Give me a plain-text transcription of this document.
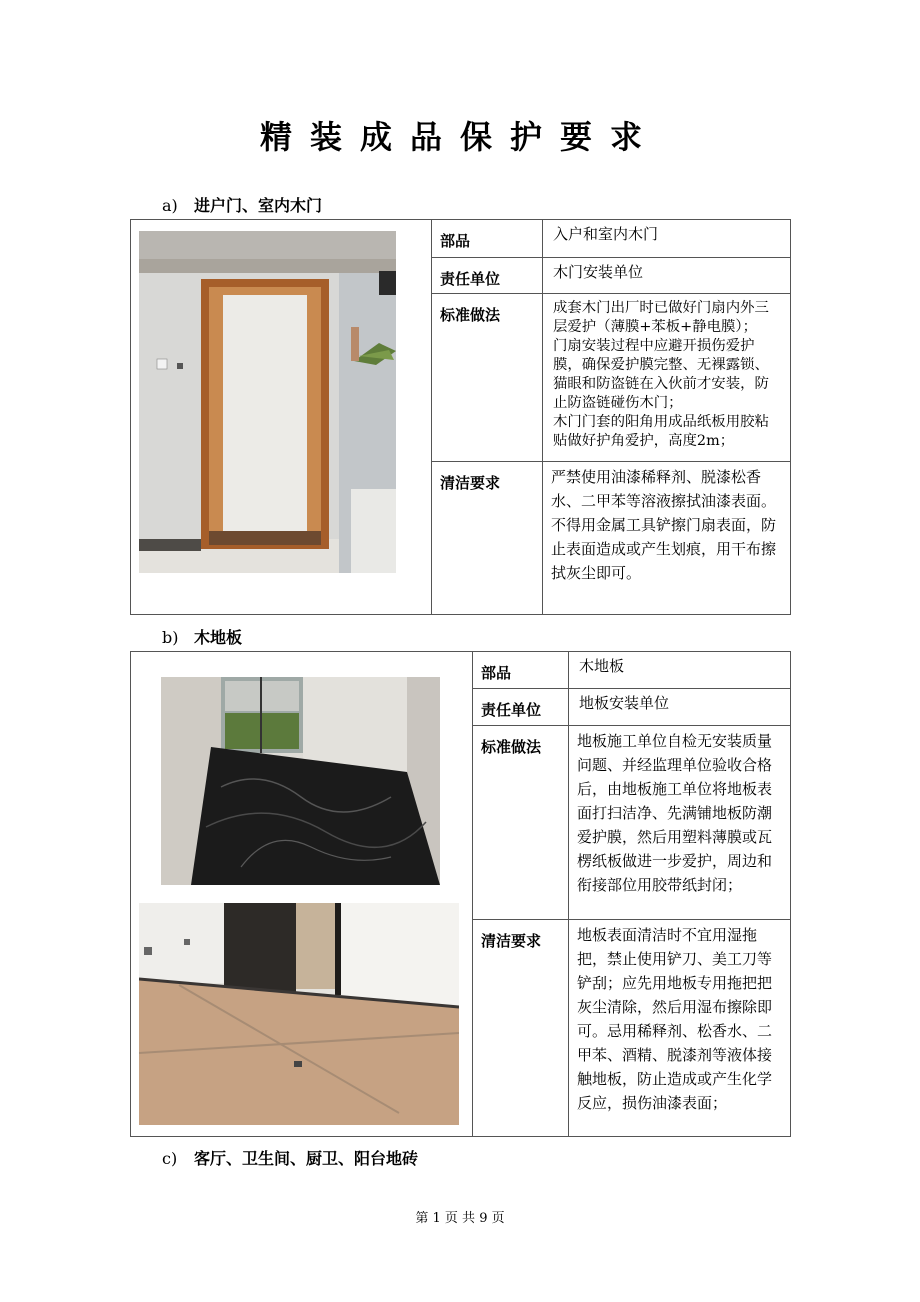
精装成品保护要求
a) 进户门、室内木门
	部品	入户和室内木门
	责任单位	木门安装单位
	标准做法	成套木门出厂时已做好门扇内外三层爱护（薄膜+苯板+静电膜）；
门扇安装过程中应避开损伤爱护膜，确保爱护膜完整、无裸露锁、猫眼和防盗链在入伙前才安装，防止防盗链碰伤木门；
木门门套的阳角用成品纸板用胶粘贴做好护角爱护，高度2m；
	清洁要求	严禁使用油漆稀释剂、脱漆松香水、二甲苯等溶液擦拭油漆表面。不得用金属工具铲擦门扇表面，防止表面造成或产生划痕，用干布擦拭灰尘即可。
b) 木地板
	部品	木地板
	责任单位	地板安装单位
	标准做法	地板施工单位自检无安装质量问题、并经监理单位验收合格后，由地板施工单位将地板表面打扫洁净、先满铺地板防潮爱护膜，然后用塑料薄膜或瓦楞纸板做进一步爱护，周边和衔接部位用胶带纸封闭；
	清洁要求	地板表面清洁时不宜用湿拖把，禁止使用铲刀、美工刀等铲刮；应先用地板专用拖把把灰尘清除，然后用湿布擦除即可。忌用稀释剂、松香水、二甲苯、酒精、脱漆剂等液体接触地板，防止造成或产生化学反应，损伤油漆表面；
c) 客厅、卫生间、厨卫、阳台地砖
第 1 页 共 9 页
